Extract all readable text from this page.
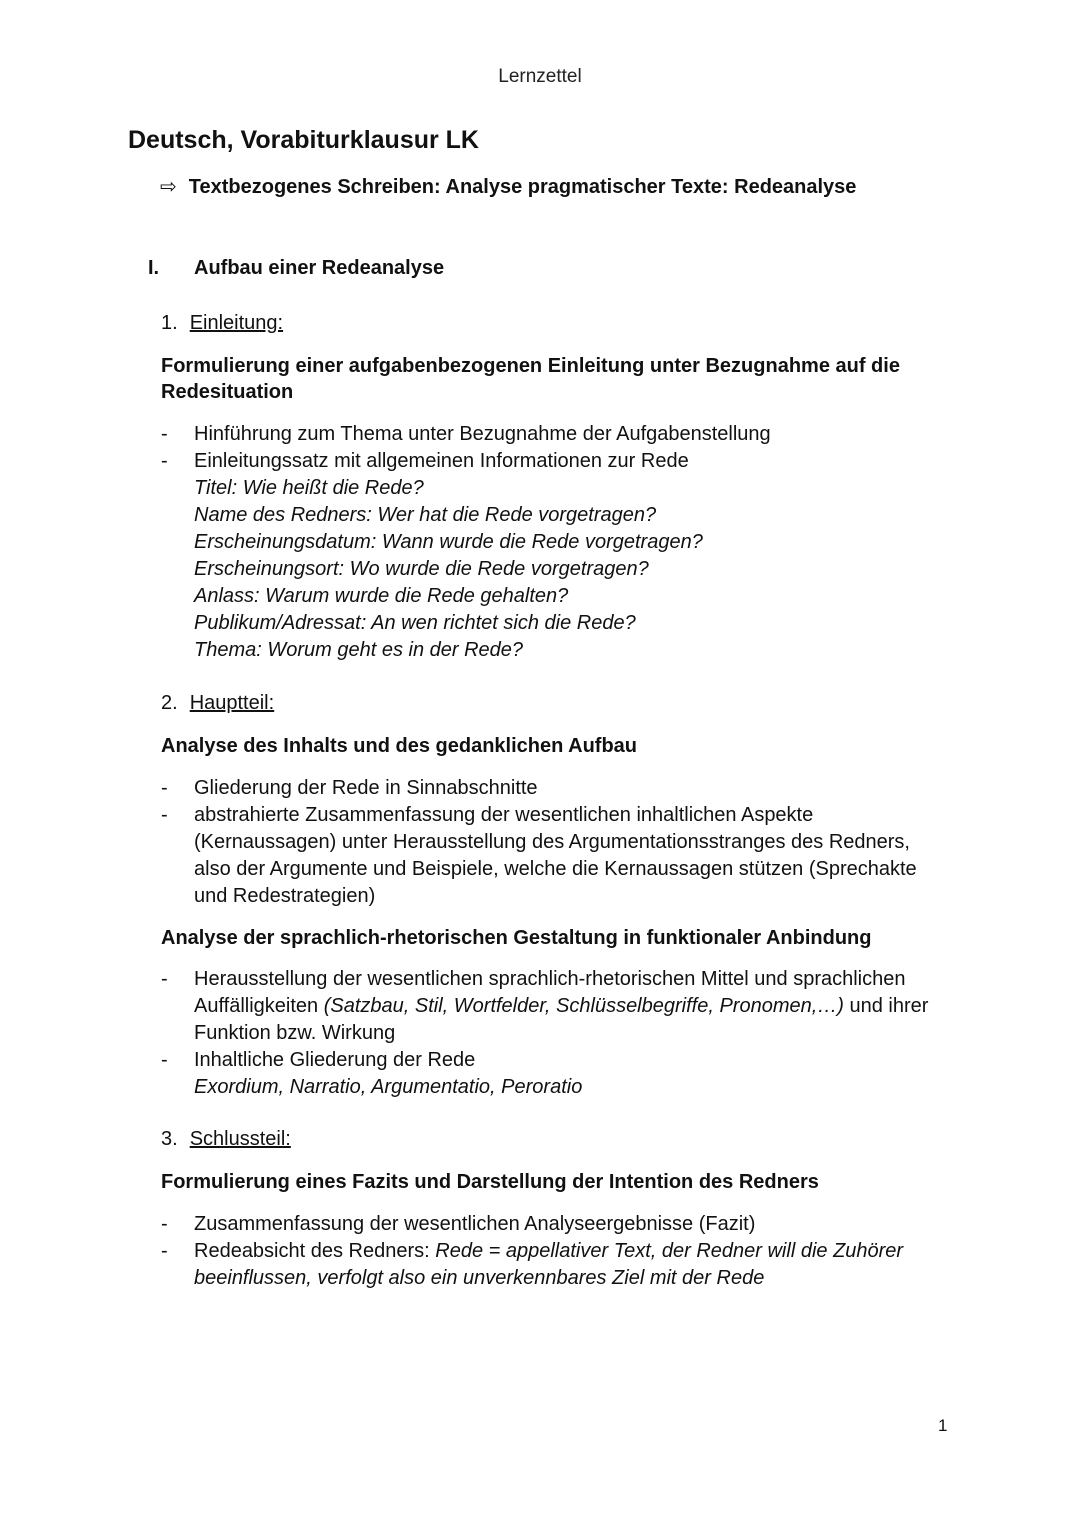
Lernzettel
Deutsch, Vorabiturklausur LK
⇨ Textbezogenes Schreiben: Analyse pragmatischer Texte: Redeanalyse
I. Aufbau einer Redeanalyse
1. Einleitung:
Formulierung einer aufgabenbezogenen Einleitung unter Bezugnahme auf die Redesituation
- Hinführung zum Thema unter Bezugnahme der Aufgabenstellung
- Einleitungssatz mit allgemeinen Informationen zur Rede
Titel: Wie heißt die Rede?
Name des Redners: Wer hat die Rede vorgetragen?
Erscheinungsdatum: Wann wurde die Rede vorgetragen?
Erscheinungsort: Wo wurde die Rede vorgetragen?
Anlass: Warum wurde die Rede gehalten?
Publikum/Adressat: An wen richtet sich die Rede?
Thema: Worum geht es in der Rede?
2. Hauptteil:
Analyse des Inhalts und des gedanklichen Aufbau
- Gliederung der Rede in Sinnabschnitte
- abstrahierte Zusammenfassung der wesentlichen inhaltlichen Aspekte (Kernaussagen) unter Herausstellung des Argumentationsstranges des Redners, also der Argumente und Beispiele, welche die Kernaussagen stützen (Sprechakte und Redestrategien)
Analyse der sprachlich-rhetorischen Gestaltung in funktionaler Anbindung
- Herausstellung der wesentlichen sprachlich-rhetorischen Mittel und sprachlichen Auffälligkeiten (Satzbau, Stil, Wortfelder, Schlüsselbegriffe, Pronomen,…) und ihrer Funktion bzw. Wirkung
- Inhaltliche Gliederung der Rede
Exordium, Narratio, Argumentatio, Peroratio
3. Schlussteil:
Formulierung eines Fazits und Darstellung der Intention des Redners
- Zusammenfassung der wesentlichen Analyseergebnisse (Fazit)
- Redeabsicht des Redners: Rede = appellativer Text, der Redner will die Zuhörer beeinflussen, verfolgt also ein unverkennbares Ziel mit der Rede
1
